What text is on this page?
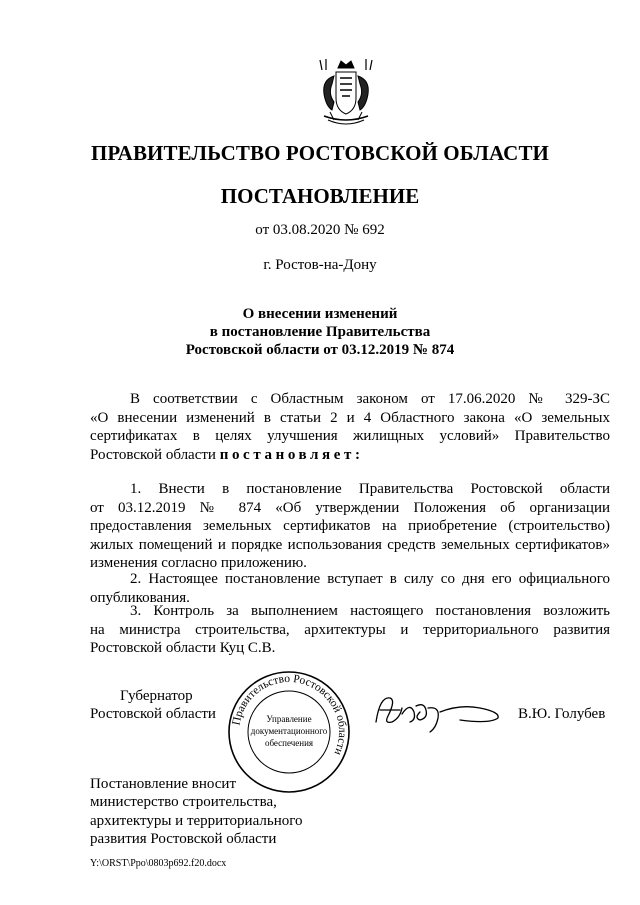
ПРАВИТЕЛЬСТВО РОСТОВСКОЙ ОБЛАСТИ
ПОСТАНОВЛЕНИЕ
от 03.08.2020 № 692
г. Ростов-на-Дону
О внесении изменений
в постановление Правительства
Ростовской области от 03.12.2019 № 874
В соответствии с Областным законом от 17.06.2020 № 329-ЗС
«О внесении изменений в статьи 2 и 4 Областного закона «О земельных
сертификатах в целях улучшения жилищных условий» Правительство
Ростовской области постановляет:
1. Внести в постановление Правительства Ростовской области
от 03.12.2019 № 874 «Об утверждении Положения об организации
предоставления земельных сертификатов на приобретение (строительство)
жилых помещений и порядке использования средств земельных сертификатов»
изменения согласно приложению.
2. Настоящее постановление вступает в силу со дня его официального
опубликования.
3. Контроль за выполнением настоящего постановления возложить
на министра строительства, архитектуры и территориального развития
Ростовской области Куц С.В.
Губернатор
Ростовской области Правительство Ростовской области
Управление
документационного
обеспечения
В.Ю. Голубев
Постановление вносит
министерство строительства,
архитектуры и территориального
развития Ростовской области
Y:\ORST\Ppo\0803p692.f20.docx
